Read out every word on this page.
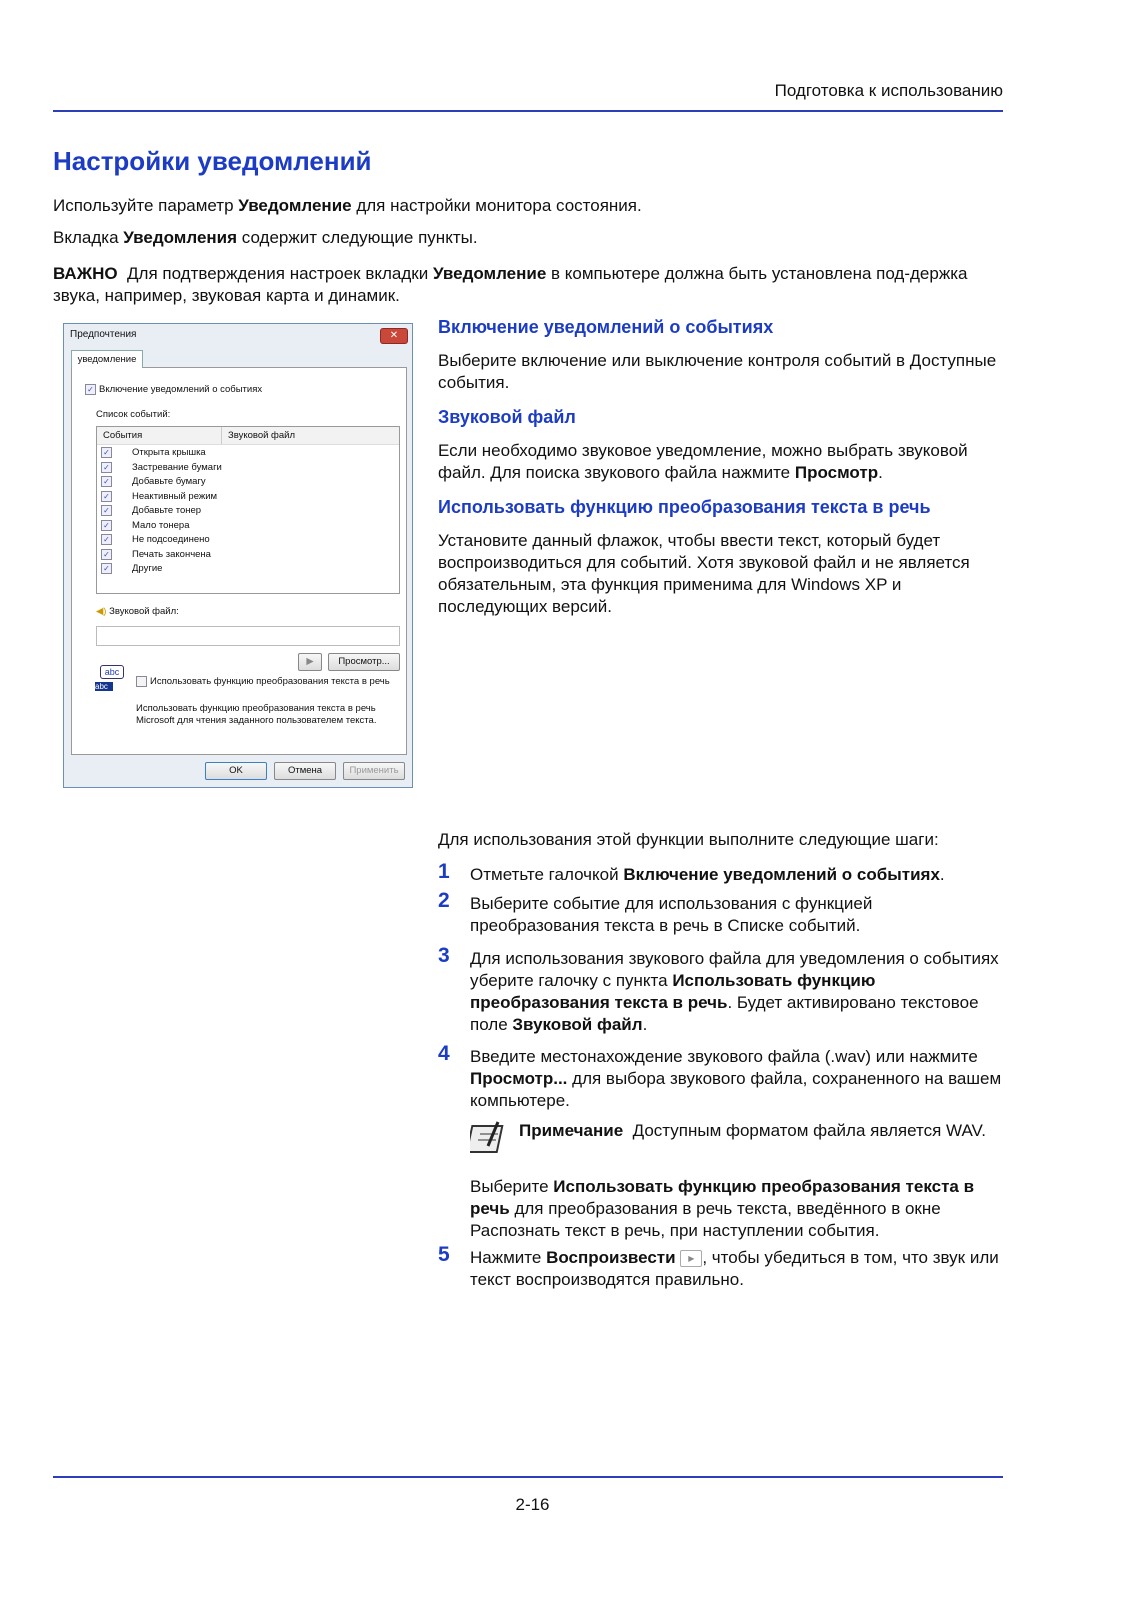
Подготовка к использованию
Настройки уведомлений

Используйте параметр Уведомление для настройки монитора состояния.

Вкладка Уведомления содержит следующие пункты.

ВАЖНО Для подтверждения настроек вкладки Уведомление в компьютере должна быть установлена под-держка звука, например, звуковая карта и динамик.

Предпочтения	✕
уведомление
✓ Включение уведомлений о событиях
Список событий:
События	Звуковой файл
✓ Открыта крышка
✓ Застревание бумаги
✓ Добавьте бумагу
✓ Неактивный режим
✓ Добавьте тонер
✓ Мало тонера
✓ Не подсоединено
✓ Печать закончена
✓ Другие
◀) Звуковой файл:
▶	Просмотр...
abc
abc	Использовать функцию преобразования текста в речь
Использовать функцию преобразования текста в речь
Microsoft для чтения заданного пользователем текста.
OK	Отмена	Применить
Включение уведомлений о событиях

Выберите включение или выключение контроля событий в Доступные события.

Звуковой файл

Если необходимо звуковое уведомление, можно выбрать звуковой файл. Для поиска звукового файла нажмите Просмотр.

Использовать функцию преобразования текста в речь

Установите данный флажок, чтобы ввести текст, который будет воспроизводиться для событий. Хотя звуковой файл и не является обязательным, эта функция применима для Windows XP и последующих версий.

Для использования этой функции выполните следующие шаги:

1 Отметьте галочкой Включение уведомлений о событиях.

2 Выберите событие для использования с функцией преобразования текста в речь в Списке событий.

3 Для использования звукового файла для уведомления о событиях уберите галочку с пункта Использовать функцию преобразования текста в речь. Будет активировано текстовое поле Звуковой файл.

4 Введите местонахождение звукового файла (.wav) или нажмите Просмотр... для выбора звукового файла, сохраненного на вашем компьютере.

Примечание Доступным форматом файла является WAV.

Выберите Использовать функцию преобразования текста в речь для преобразования в речь текста, введённого в окне Распознать текст в речь, при наступлении события.

5 Нажмите Воспроизвести ▶ , чтобы убедиться в том, что звук или текст воспроизводятся правильно.

2-16
